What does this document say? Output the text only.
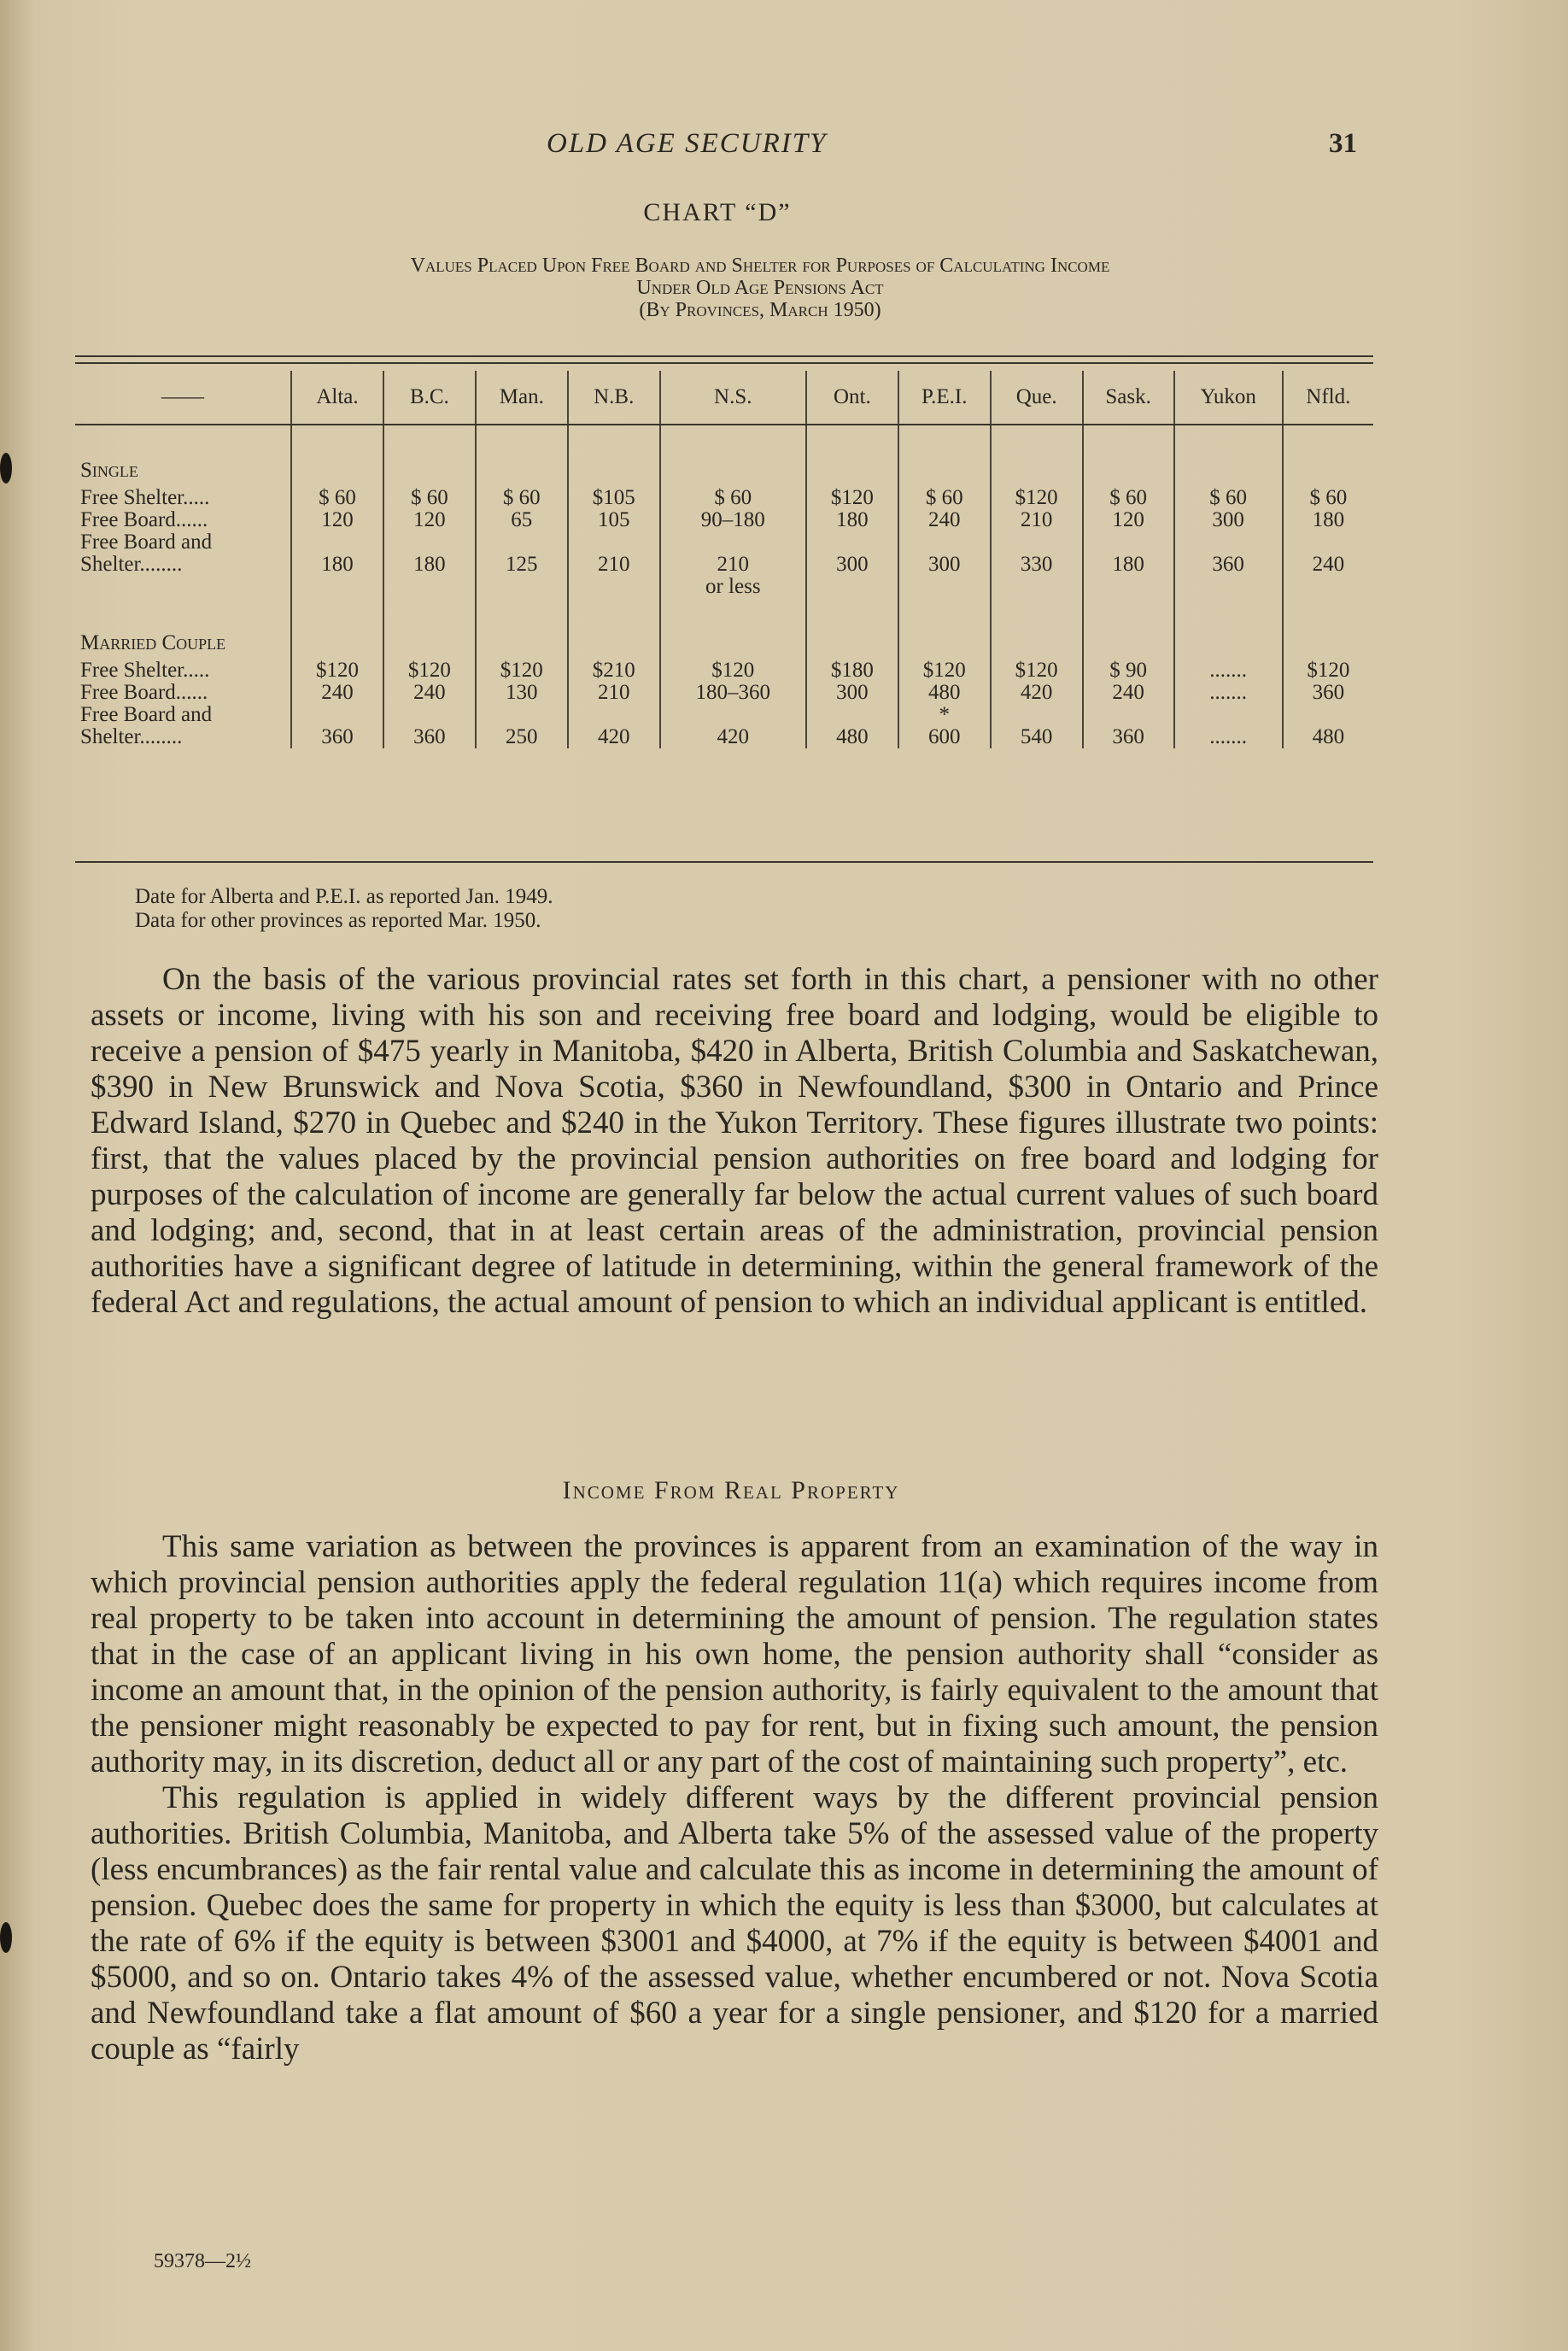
OLD AGE SECURITY	31
CHART “D”
Values Placed Upon Free Board and Shelter for Purposes of Calculating Income
Under Old Age Pensions Act
(By Provinces, March 1950)
——	Alta.	B.C.	Man.	N.B.	N.S.	Ont.	P.E.I.	Que.	Sask.	Yukon	Nfld.
Single											
Free Shelter.....	$ 60	$ 60	$ 60	$105	$ 60	$120	$ 60	$120	$ 60	$ 60	$ 60
Free Board......	120	120	65	105	90–180	180	240	210	120	300	180
Free Board and											
Shelter........	180	180	125	210	210	300	300	330	180	360	240
					or less						
Married Couple											
Free Shelter.....	$120	$120	$120	$210	$120	$180	$120	$120	$ 90	.......	$120
Free Board......	240	240	130	210	180–360	300	480	420	240	.......	360
Free Board and							*				
Shelter........	360	360	250	420	420	480	600	540	360	.......	480
Date for Alberta and P.E.I. as reported Jan. 1949.
Data for other provinces as reported Mar. 1950.

On the basis of the various provincial rates set forth in this chart, a pensioner with no other assets or income, living with his son and receiving free board and lodging, would be eligible to receive a pension of $475 yearly in Manitoba, $420 in Alberta, British Columbia and Saskatchewan, $390 in New Brunswick and Nova Scotia, $360 in Newfoundland, $300 in Ontario and Prince Edward Island, $270 in Quebec and $240 in the Yukon Territory. These figures illustrate two points: first, that the values placed by the provincial pension authorities on free board and lodging for purposes of the calculation of income are generally far below the actual current values of such board and lodging; and, second, that in at least certain areas of the administration, provincial pension authorities have a significant degree of latitude in determining, within the general framework of the federal Act and regulations, the actual amount of pension to which an individual applicant is entitled.

Income From Real Property

This same variation as between the provinces is apparent from an examination of the way in which provincial pension authorities apply the federal regulation 11(a) which requires income from real property to be taken into account in determining the amount of pension. The regulation states that in the case of an applicant living in his own home, the pension authority shall “consider as income an amount that, in the opinion of the pension authority, is fairly equivalent to the amount that the pensioner might reasonably be expected to pay for rent, but in fixing such amount, the pension authority may, in its discretion, deduct all or any part of the cost of maintaining such property”, etc.

This regulation is applied in widely different ways by the different provincial pension authorities. British Columbia, Manitoba, and Alberta take 5% of the assessed value of the property (less encumbrances) as the fair rental value and calculate this as income in determining the amount of pension. Quebec does the same for property in which the equity is less than $3000, but calculates at the rate of 6% if the equity is between $3001 and $4000, at 7% if the equity is between $4001 and $5000, and so on. Ontario takes 4% of the assessed value, whether encumbered or not. Nova Scotia and Newfoundland take a flat amount of $60 a year for a single pensioner, and $120 for a married couple as “fairly

59378—2½
